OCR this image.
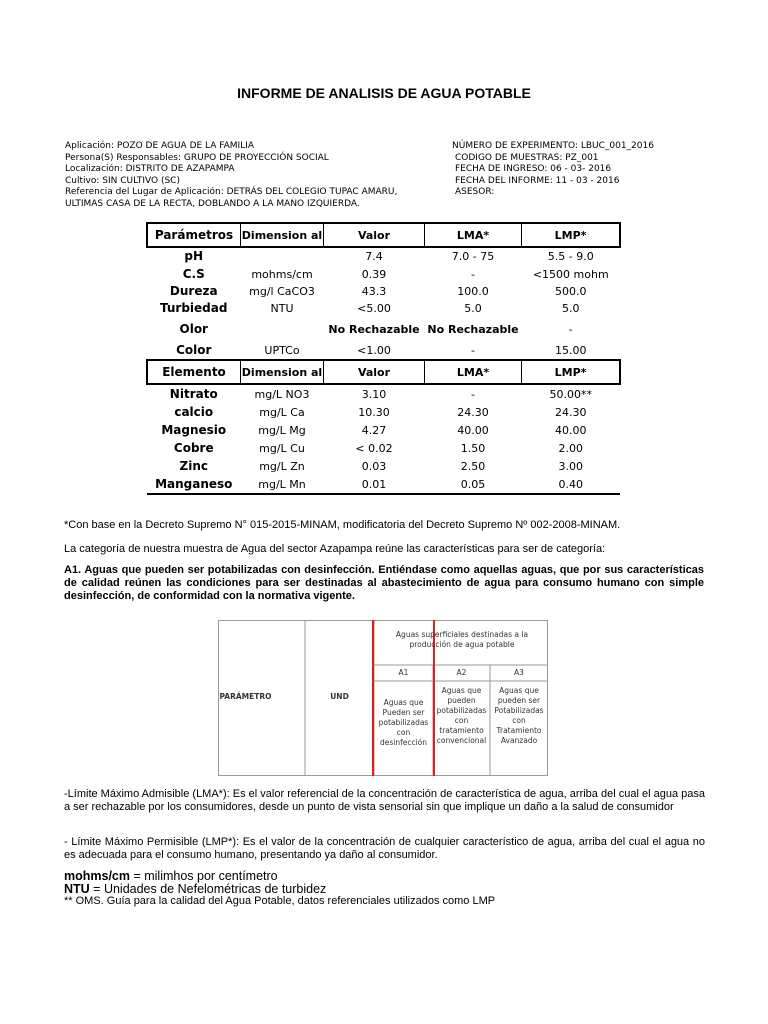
INFORME DE ANALISIS DE AGUA POTABLE
Aplicación: POZO DE AGUA DE LA FAMILIA
Persona(S) Responsables: GRUPO DE PROYECCIÓN SOCIAL
Localización: DISTRITO DE AZAPAMPA
Cultivo: SIN CULTIVO (SC)
Referencia del Lugar de Aplicación: DETRÁS DEL COLEGIO TUPAC AMARU,
ULTIMAS CASA DE LA RECTA, DOBLANDO A LA MANO IZQUIERDA.
NÚMERO DE EXPERIMENTO: LBUC_001_2016
CODIGO DE MUESTRAS: PZ_001
FECHA DE INGRESO: 06 - 03- 2016
FECHA DEL INFORME: 11 - 03 - 2016
ASESOR:
Parámetros	Dimension al	Valor	LMA*	LMP*
pH		7.4	7.0 - 75	5.5 - 9.0
C.S	mohms/cm	0.39	-	<1500 mohm
Dureza	mg/l CaCO3	43.3	100.0	500.0
Turbiedad	NTU	<5.00	5.0	5.0
Olor		No Rechazable	No Rechazable	-
Color	UPTCo	<1.00	-	15.00
Elemento	Dimension al	Valor	LMA*	LMP*
Nitrato	mg/L NO3	3.10	-	50.00**
calcio	mg/L Ca	10.30	24.30	24.30
Magnesio	mg/L Mg	4.27	40.00	40.00
Cobre	mg/L Cu	< 0.02	1.50	2.00
Zinc	mg/L Zn	0.03	2.50	3.00
Manganeso	mg/L Mn	0.01	0.05	0.40
*Con base en la Decreto Supremo N° 015-2015-MINAM, modificatoria del Decreto Supremo Nº 002-2008-MINAM.
La categoría de nuestra muestra de Agua del sector Azapampa reúne las características para ser de categoría:
A1. Aguas que pueden ser potabilizadas con desinfección. Entiéndase como aquellas aguas, que por sus características de calidad reúnen las condiciones para ser destinadas al abastecimiento de agua para consumo humano con simple desinfección, de conformidad con la normativa vigente.
PARÁMETRO	UND
Aguas superficiales destinadas a la producción de agua potable
A1	A2	A3
Aguas que Pueden ser potabilizadas con desinfección
Aguas que pueden potabilizadas con tratamiento convencional
Aguas que pueden ser Potabilizadas con Tratamiento Avanzado
-Límite Máximo Admisible (LMA*): Es el valor referencial de la concentración de característica de agua, arriba del cual el agua pasa a ser rechazable por los consumidores, desde un punto de vista sensorial sin que implique un daño a la salud de consumidor
- Límite Máximo Permisible (LMP*): Es el valor de la concentración de cualquier característico de agua, arriba del cual el agua no es adecuada para el consumo humano, presentando ya daño al consumidor.
mohms/cm = milimhos por centímetro
NTU = Unidades de Nefelométricas de turbidez
** OMS. Guía para la calidad del Agua Potable, datos referenciales utilizados como LMP
